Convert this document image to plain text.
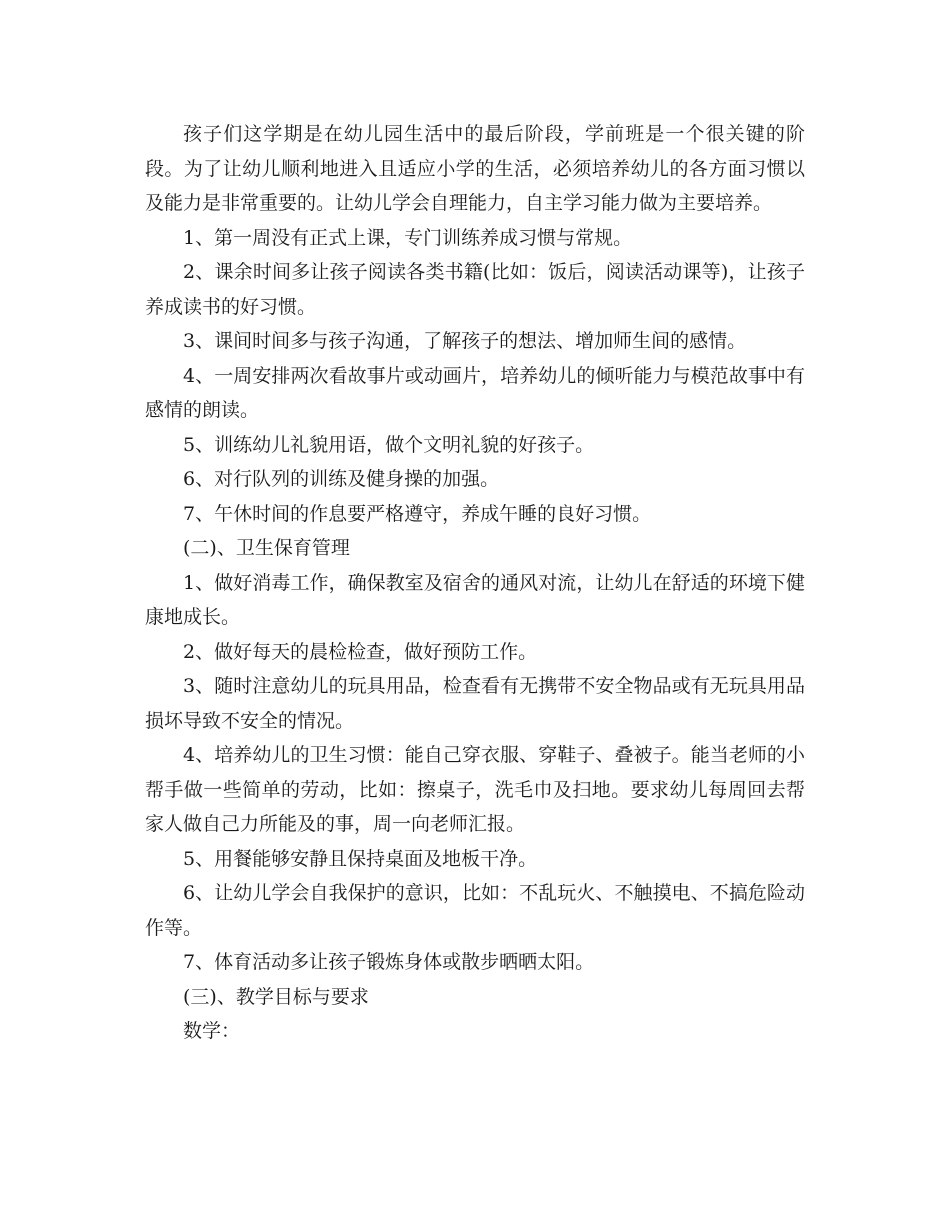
孩子们这学期是在幼儿园生活中的最后阶段，学前班是一个很关键的阶段。为了让幼儿顺利地进入且适应小学的生活，必须培养幼儿的各方面习惯以及能力是非常重要的。让幼儿学会自理能力，自主学习能力做为主要培养。

1、第一周没有正式上课，专门训练养成习惯与常规。

2、课余时间多让孩子阅读各类书籍(比如：饭后，阅读活动课等)，让孩子养成读书的好习惯。

3、课间时间多与孩子沟通，了解孩子的想法、增加师生间的感情。

4、一周安排两次看故事片或动画片，培养幼儿的倾听能力与模范故事中有感情的朗读。

5、训练幼儿礼貌用语，做个文明礼貌的好孩子。

6、对行队列的训练及健身操的加强。

7、午休时间的作息要严格遵守，养成午睡的良好习惯。

(二)、卫生保育管理

1、做好消毒工作，确保教室及宿舍的通风对流，让幼儿在舒适的环境下健康地成长。

2、做好每天的晨检检查，做好预防工作。

3、随时注意幼儿的玩具用品，检查看有无携带不安全物品或有无玩具用品损坏导致不安全的情况。

4、培养幼儿的卫生习惯：能自己穿衣服、穿鞋子、叠被子。能当老师的小帮手做一些简单的劳动，比如：擦桌子，洗毛巾及扫地。要求幼儿每周回去帮家人做自己力所能及的事，周一向老师汇报。

5、用餐能够安静且保持桌面及地板干净。

6、让幼儿学会自我保护的意识，比如：不乱玩火、不触摸电、不搞危险动作等。

7、体育活动多让孩子锻炼身体或散步晒晒太阳。

(三)、教学目标与要求

数学：
